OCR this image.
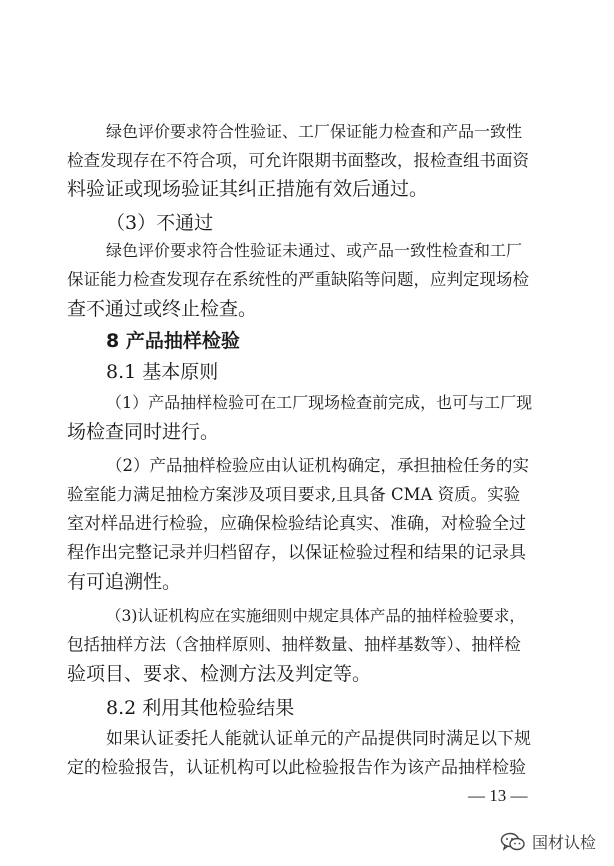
绿色评价要求符合性验证、工厂保证能力检查和产品一致性
检查发现存在不符合项，可允许限期书面整改，报检查组书面资
料验证或现场验证其纠正措施有效后通过。
（3）不通过
绿色评价要求符合性验证未通过、或产品一致性检查和工厂
保证能力检查发现存在系统性的严重缺陷等问题，应判定现场检
查不通过或终止检查。
8 产品抽样检验
8.1 基本原则
（1）产品抽样检验可在工厂现场检查前完成，也可与工厂现
场检查同时进行。
（2）产品抽样检验应由认证机构确定，承担抽检任务的实
验室能力满足抽检方案涉及项目要求,且具备 CMA 资质。实验
室对样品进行检验，应确保检验结论真实、准确，对检验全过
程作出完整记录并归档留存，以保证检验过程和结果的记录具
有可追溯性。
（3)认证机构应在实施细则中规定具体产品的抽样检验要求，
包括抽样方法（含抽样原则、抽样数量、抽样基数等）、抽样检
验项目、要求、检测方法及判定等。
8.2 利用其他检验结果
如果认证委托人能就认证单元的产品提供同时满足以下规
定的检验报告，认证机构可以此检验报告作为该产品抽样检验
— 13 —
国材认检
